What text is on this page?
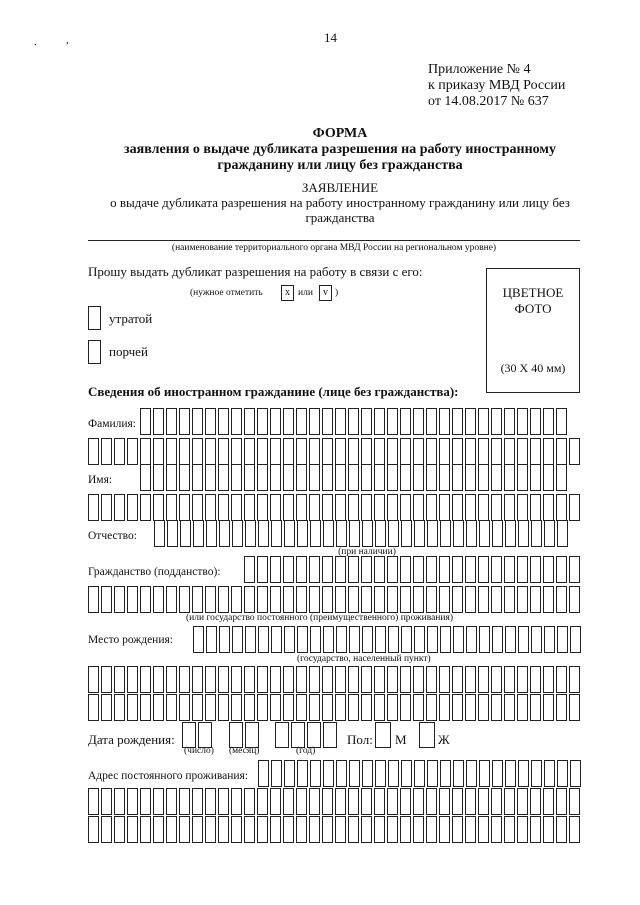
14
.	,
Приложение № 4
к приказу МВД России
от 14.08.2017 № 637
ФОРМА
заявления о выдаче дубликата разрешения на работу иностранному
гражданину или лицу без гражданства
ЗАЯВЛЕНИЕ
о выдаче дубликата разрешения на работу иностранному гражданину или лицу без
гражданства
(наименование территориального органа МВД России на региональном уровне)
Прошу выдать дубликат разрешения на работу в связи с его:
(нужное отметить	x или	v )
утратой
порчей
ЦВЕТНОЕ
ФОТО
(30 X 40 мм)
Сведения об иностранном гражданине (лице без гражданства):
Фамилия:
Имя:
Отчество:
(при наличии)
Гражданство (подданство):
(или государство постоянного (преимущественного) проживания)
Место рождения:
(государство, населенный пункт)
Дата рождения:
(число) (месяц)	(год)
Пол: М Ж
Адрес постоянного проживания:
